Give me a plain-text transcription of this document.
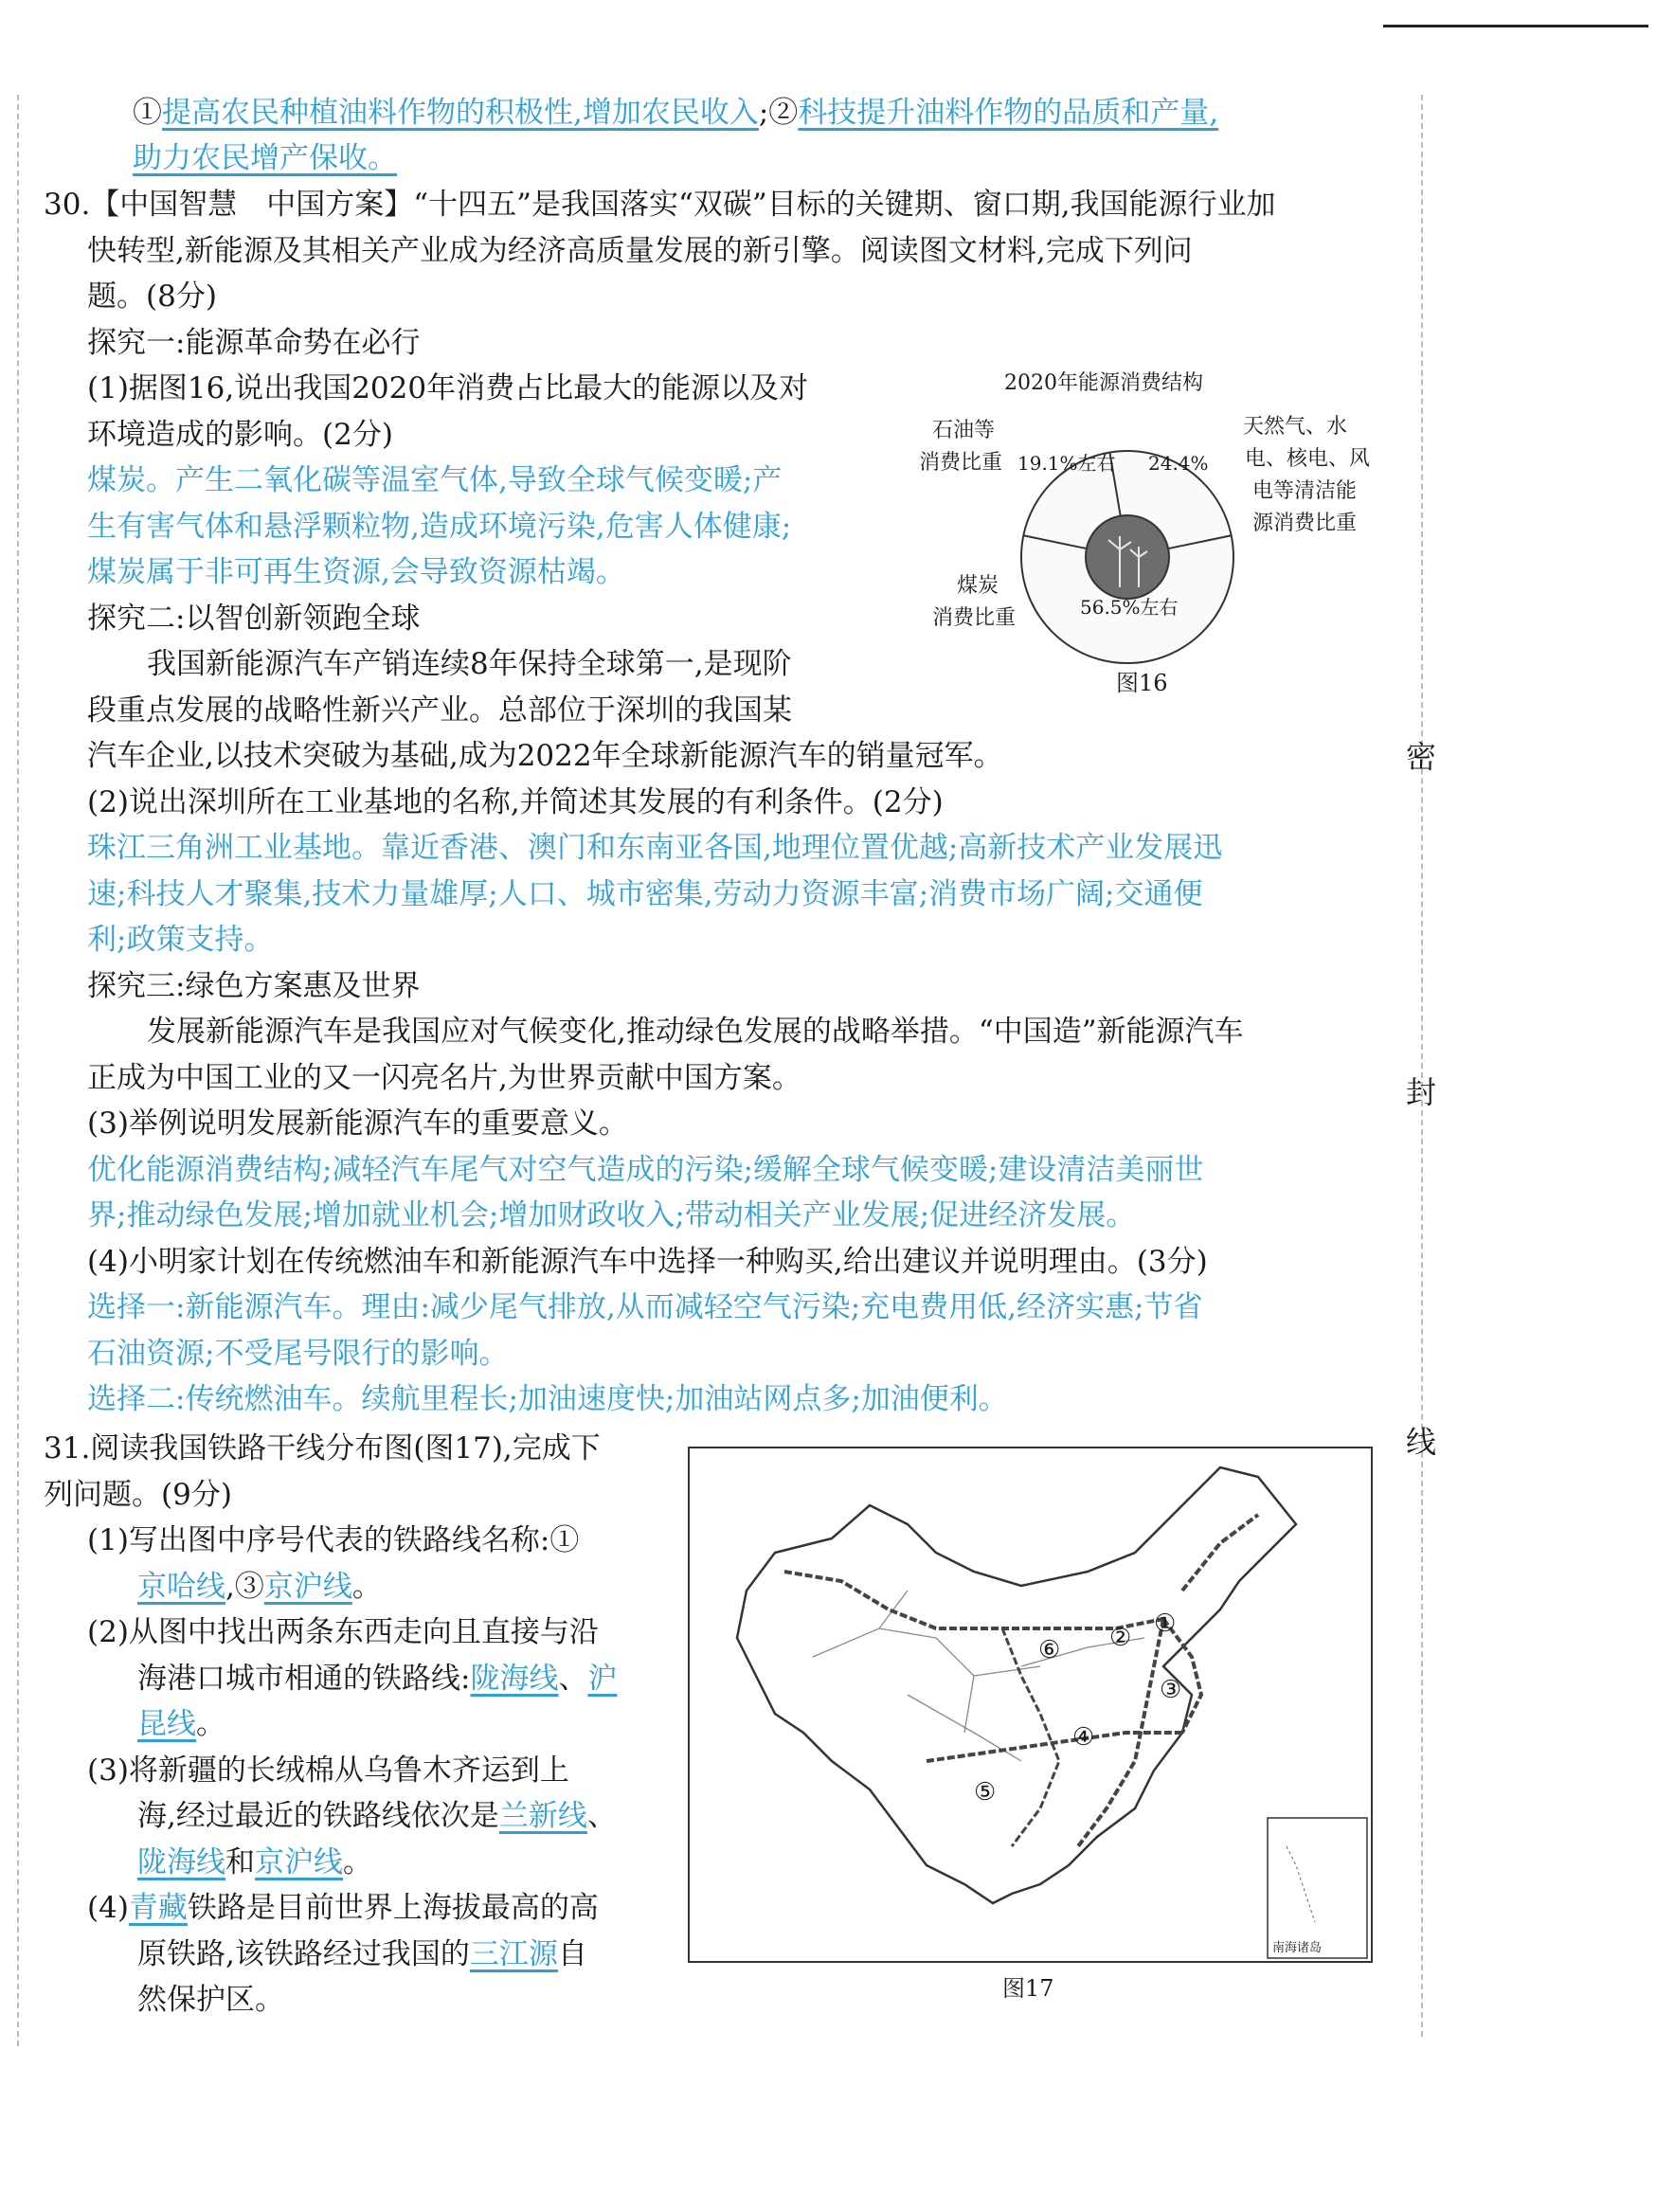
①提高农民种植油料作物的积极性,增加农民收入;②科技提升油料作物的品质和产量,
助力农民增产保收。
30.【中国智慧　中国方案】“十四五”是我国落实“双碳”目标的关键期、窗口期,我国能源行业加
快转型,新能源及其相关产业成为经济高质量发展的新引擎。阅读图文材料,完成下列问
题。(8分)
探究一:能源革命势在必行
(1)据图16,说出我国2020年消费占比最大的能源以及对
环境造成的影响。(2分)
煤炭。产生二氧化碳等温室气体,导致全球气候变暖;产
生有害气体和悬浮颗粒物,造成环境污染,危害人体健康;
煤炭属于非可再生资源,会导致资源枯竭。
探究二:以智创新领跑全球
我国新能源汽车产销连续8年保持全球第一,是现阶
段重点发展的战略性新兴产业。总部位于深圳的我国某
汽车企业,以技术突破为基础,成为2022年全球新能源汽车的销量冠军。
(2)说出深圳所在工业基地的名称,并简述其发展的有利条件。(2分)
珠江三角洲工业基地。靠近香港、澳门和东南亚各国,地理位置优越;高新技术产业发展迅
速;科技人才聚集,技术力量雄厚;人口、城市密集,劳动力资源丰富;消费市场广阔;交通便
利;政策支持。
探究三:绿色方案惠及世界
发展新能源汽车是我国应对气候变化,推动绿色发展的战略举措。“中国造”新能源汽车
正成为中国工业的又一闪亮名片,为世界贡献中国方案。
(3)举例说明发展新能源汽车的重要意义。
优化能源消费结构;减轻汽车尾气对空气造成的污染;缓解全球气候变暖;建设清洁美丽世
界;推动绿色发展;增加就业机会;增加财政收入;带动相关产业发展;促进经济发展。
(4)小明家计划在传统燃油车和新能源汽车中选择一种购买,给出建议并说明理由。(3分)
选择一:新能源汽车。理由:减少尾气排放,从而减轻空气污染;充电费用低,经济实惠;节省
石油资源;不受尾号限行的影响。
选择二:传统燃油车。续航里程长;加油速度快;加油站网点多;加油便利。
2020年能源消费结构
石油等
消费比重 19.1%左右 24.4%
天然气、水
电、核电、风
电等清洁能
源消费比重
煤炭
消费比重	56.5%左右
图16
31.阅读我国铁路干线分布图(图17),完成下
列问题。(9分)
(1)写出图中序号代表的铁路线名称:①
京哈线,③京沪线。
(2)从图中找出两条东西走向且直接与沿
海港口城市相通的铁路线:陇海线、沪
昆线。
(3)将新疆的长绒棉从乌鲁木齐运到上
海,经过最近的铁路线依次是兰新线、
陇海线和京沪线。
(4)青藏铁路是目前世界上海拔最高的高
原铁路,该铁路经过我国的三江源自
然保护区。
①
②
③
④
⑤
⑥
南海诸岛
图17
密
封
线
